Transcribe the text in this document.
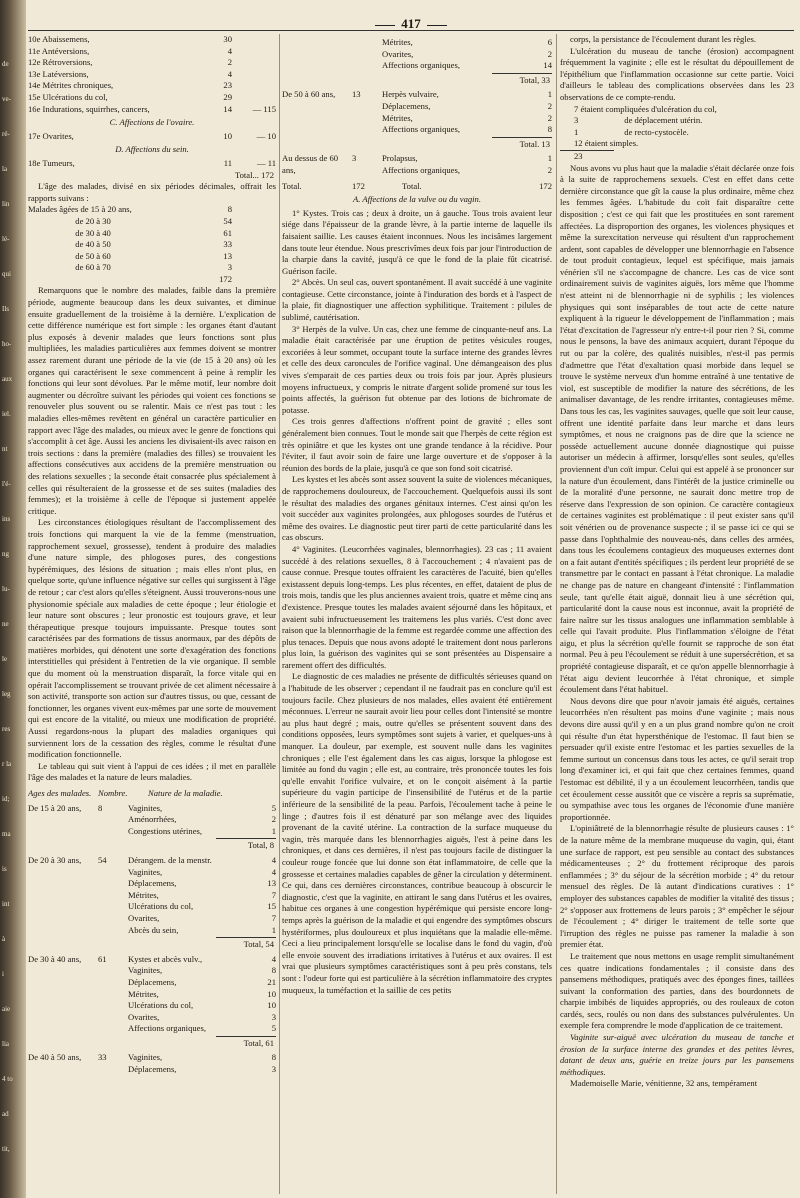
de
ve-
ré-
la
lin
lé-
qui
Ils
ho-
aux
iel.
nt
l'é-
ins
ng
lu-
ne
le
leg
res
r la
id;
ma
is
int
à
i
aie
lia
4 to
ad
tit,
417
10e Abaissemens,	30
11e Antéversions,	4
12e Rétroversions,	2
13e Latéversions,	4
14e Métrites chroniques,	23
15e Ulcérations du col,	29
16e Indurations, squirrhes, cancers,	14	— 115
C. Affections de l'ovaire.
17e Ovarites,	10	— 10
D. Affections du sein.
18e Tumeurs,	11	— 11
Total... 172

L'âge des malades, divisé en six périodes décimales, offrait les rapports suivans :

Malades âgées de 15 à 20 ans,	8
de 20 à 30	54
de 30 à 40	61
de 40 à 50	33
de 50 à 60	13
de 60 à 70	3
172

Remarquons que le nombre des malades, faible dans la première période, augmente beaucoup dans les deux suivantes, et diminue ensuite graduellement de la troisième à la dernière. L'explication de cette différence numérique est fort simple : les organes étant d'autant plus exposés à devenir malades que leurs fonctions sont plus multipliées, les maladies particulières aux femmes doivent se montrer assez rarement durant une période de la vie (de 15 à 20 ans) où les organes qui caractérisent le sexe commencent à peine à remplir les fonctions qui leur sont dévolues. Par le même motif, leur nombre doit augmenter ou décroître suivant les périodes qui voient ces fonctions se renouveler plus souvent ou se ralentir. Mais ce n'est pas tout : les maladies elles-mêmes revêtent en général un caractère particulier en rapport avec l'âge des malades, ou mieux avec le genre de fonctions qui s'accomplit à cet âge. Aussi les anciens les divisaient-ils avec raison en trois sections : dans la première (maladies des filles) se trouvaient les affections consécutives aux accidens de la première menstruation ou des relations sexuelles ; la seconde était consacrée plus spécialement à celles qui résulteraient de la grossesse et de ses suites (maladies des femmes); et la troisième à celle de l'époque si justement appelée critique.

Les circonstances étiologiques résultant de l'accomplissement des trois fonctions qui marquent la vie de la femme (menstruation, rapprochement sexuel, grossesse), tendent à produire des maladies d'une nature simple, des phlogoses pures, des congestions hypérémiques, des lésions de situation ; mais elles n'ont plus, en quelque sorte, qu'une influence négative sur celles qui surgissent à l'âge de retour ; car c'est alors qu'elles s'éteignent. Aussi trouverons-nous une physionomie spéciale aux maladies de cette époque ; leur étiologie et leur nature sont obscures ; leur pronostic est toujours grave, et leur thérapeutique presque toujours impuissante. Presque toutes sont caractérisées par des formations de tissus anormaux, par des dépôts de matières morbides, qui dénotent une sorte d'exagération des fonctions interstitielles qui président à l'entretien de la vie organique. Il semble que du moment où la menstruation disparaît, la force vitale qui en opérait l'accomplissement se trouvant privée de cet aliment nécessaire à son activité, transporte son action sur d'autres tissus, ou que, cessant de fonctionner, les organes vivent eux-mêmes par une sorte de mouvement qui est encore de la vitalité, ou mieux une modification de propriété. Aussi regardons-nous la plupart des maladies organiques qui surviennent lors de la cessation des règles, comme le résultat d'une modification fonctionnelle.

Le tableau qui suit vient à l'appui de ces idées ; il met en parallèle l'âge des malades et la nature de leurs maladies.

Ages des malades. Nombre.	Nature de la maladie.
De 15 à 20 ans,	8	Vaginites,	5
Aménorrhées,	2
Congestions utérines,	1
Total, 8
De 20 à 30 ans,	54	Dérangem. de la menstr.	4
Vaginites,	4
Déplacemens,	13
Métrites,	7
Ulcérations du col,	15
Ovarites,	7
Abcès du sein,	1
Total, 54
De 30 à 40 ans,	61	Kystes et abcès vulv.,	4
Vaginites,	8
Déplacemens,	21
Métrites,	10
Ulcérations du col,	10
Ovarites,	3
Affections organiques,	5
Total, 61
De 40 à 50 ans,	33	Vaginites,	8
Déplacemens,	3
Métrites,	6
Ovarites,	2
Affections organiques,	14
Total, 33
De 50 à 60 ans,	13	Herpès vulvaire,	1
Déplacemens,	2
Métrites,	2
Affections organiques,	8
Total. 13
Au dessus de 60 ans,
3	Prolapsus,	1
Affections organiques,	2
Total.	172	Total.	172
A. Affections de la vulve ou du vagin.

1° Kystes. Trois cas ; deux à droite, un à gauche. Tous trois avaient leur siége dans l'épaisseur de la grande lèvre, à la partie interne de laquelle ils faisaient saillie. Les causes étaient inconnues. Nous les incisâmes largement dans toute leur étendue. Nous prescrivîmes deux fois par jour l'introduction de la charpie dans la cavité, jusqu'à ce que le fond de la plaie fût cicatrisé. Guérison facile.

2° Abcès. Un seul cas, ouvert spontanément. Il avait succédé à une vaginite contagieuse. Cette circonstance, jointe à l'induration des bords et à l'aspect de la plaie, fit diagnostiquer une affection syphilitique. Traitement : pilules de sublimé, cautérisation.

3° Herpès de la vulve. Un cas, chez une femme de cinquante-neuf ans. La maladie était caractérisée par une éruption de petites vésicules rouges, excoriées à leur sommet, occupant toute la surface interne des grandes lèvres et celle des deux caroncules de l'orifice vaginal. Une démangeaison des plus vives s'emparait de ces parties deux ou trois fois par jour. Après plusieurs moyens infructueux, y compris le nitrate d'argent solide promené sur tous les points affectés, la guérison fut obtenue par des lotions de bichromate de potasse.

Ces trois genres d'affections n'offrent point de gravité ; elles sont généralement bien connues. Tout le monde sait que l'herpès de cette région est très opiniâtre et que les kystes ont une grande tendance à la récidive. Pour l'éviter, il faut avoir soin de faire une large ouverture et de s'opposer à la réunion des bords de la plaie, jusqu'à ce que son fond soit cicatrisé.

Les kystes et les abcès sont assez souvent la suite de violences mécaniques, de rapprochemens douloureux, de l'accouchement. Quelquefois aussi ils sont le résultat des maladies des organes génitaux internes. C'est ainsi qu'on les voit succéder aux vaginites prolongées, aux phlogoses sourdes de l'utérus et même des ovaires. Le diagnostic peut tirer parti de cette particularité dans les cas obscurs.

4° Vaginites. (Leucorrhées vaginales, blennorrhagies). 23 cas ; 11 avaient succédé à des relations sexuelles, 8 à l'accouchement ; 4 n'avaient pas de cause connue. Presque toutes offraient les caractères de l'acuité, bien qu'elles existassent depuis long-temps. Les plus récentes, en effet, dataient de plus de trois mois, tandis que les plus anciennes avaient trois, quatre et même cinq ans d'existence. Presque toutes les malades avaient séjourné dans les hôpitaux, et avaient subi infructueusement les traitemens les plus variés. C'est donc avec raison que la blennorrhagie de la femme est regardée comme une affection des plus tenaces. Depuis que nous avons adopté le traitement dont nous parlerons plus loin, la guérison des vaginites qui se sont présentées au Dispensaire a rarement offert des difficultés.

Le diagnostic de ces maladies ne présente de difficultés sérieuses quand on a l'habitude de les observer ; cependant il ne faudrait pas en conclure qu'il est toujours facile. Chez plusieurs de nos malades, elles avaient été entièrement méconnues. L'erreur ne saurait avoir lieu pour celles dont l'intensité se montre au plus haut degré ; mais, outre qu'elles se présentent souvent dans des conditions opposées, leurs symptômes sont sujets à varier, et quelques-uns à manquer. La douleur, par exemple, est souvent nulle dans les vaginites chroniques ; elle l'est également dans les cas aigus, lorsque la phlogose est limitée au fond du vagin ; elle est, au contraire, très prononcée toutes les fois qu'elle envahit l'orifice vulvaire, et on le conçoit aisément à la partie supérieure du vagin participe de l'insensibilité de l'utérus et de la partie inférieure de la sensibilité de la peau. Parfois, l'écoulement tache à peine le linge ; d'autres fois il est dénaturé par son mélange avec des liquides provenant de la cavité utérine. La contraction de la surface muqueuse du vagin, très marquée dans les blennorrhagies aiguës, l'est à peine dans les chroniques, et dans ces dernières, il n'est pas toujours facile de distinguer la couleur rouge foncée que lui donne son état inflammatoire, de celle que la grossesse et certaines maladies capables de gêner la circulation y déterminent. Ce qui, dans ces dernières circonstances, contribue beaucoup à obscurcir le diagnostic, c'est que la vaginite, en attirant le sang dans l'utérus et les ovaires, habitue ces organes à une congestion hypérémique qui persiste encore long-temps après la guérison de la maladie et qui engendre des symptômes obscurs hystériformes, plus douloureux et plus inquiétans que la maladie elle-même. Ceci a lieu principalement lorsqu'elle se localise dans le fond du vagin, d'où elle envoie souvent des irradiations irritatives à l'utérus et aux ovaires. Il est vrai que plusieurs symptômes caractéristiques sont à peu près constans, tels sont : l'odeur forte qui est particulière à la sécrétion inflammatoire des cryptes muqueux, la tuméfaction et la saillie de ces petits

corps, la persistance de l'écoulement durant les règles.

L'ulcération du museau de tanche (érosion) accompagnent fréquemment la vaginite ; elle est le résultat du dépouillement de l'épithélium que l'inflammation occasionne sur cette partie. Voici d'ailleurs le tableau des complications observées dans les 23 observations de ce compte-rendu.

7 étaient compliquées d'ulcération du col,
3	de déplacement utérin.
1	de recto-cystocèle.
12 étaient simples.
23

Nous avons vu plus haut que la maladie s'était déclarée onze fois à la suite de rapprochemens sexuels. C'est en effet dans cette dernière circonstance que gît la cause la plus ordinaire, même chez les femmes âgées. L'habitude du coït fait disparaître cette disposition ; c'est ce qui fait que les prostituées en sont rarement affectées. La disproportion des organes, les violences physiques et même la surexcitation nerveuse qui résultent d'un rapprochement ardent, sont capables de développer une blennorrhagie en l'absence de tout produit contagieux, lequel est spécifique, mais jamais vénérien s'il ne s'accompagne de chancre. Les cas de vice sont ordinairement suivis de vaginites aiguës, lors même que l'homme n'est atteint ni de blennorrhagie ni de syphilis ; les violences physiques qui sont inséparables de tout acte de cette nature expliquent à la rigueur le développement de l'inflammation ; mais l'état d'excitation de l'agresseur n'y entre-t-il pour rien ? Si, comme nous le pensons, la bave des animaux acquiert, durant l'époque du rut ou par la colère, des qualités nuisibles, n'est-il pas permis d'admettre que l'état d'exaltation quasi morbide dans lequel se trouve le système nerveux d'un homme entraîné à une tentative de viol, est susceptible de modifier la nature des sécrétions, de les animaliser davantage, de les rendre irritantes, contagieuses même. Dans tous les cas, les vaginites sauvages, quelle que soit leur cause, offrent une identité parfaite dans leur marche et dans leurs symptômes, et nous ne craignons pas de dire que la science ne possède actuellement aucune donnée diagnostique qui puisse autoriser un médecin à affirmer, lorsqu'elles sont seules, qu'elles proviennent d'un coït impur. Celui qui est appelé à se prononcer sur la nature d'un écoulement, dans l'intérêt de la justice criminelle ou de la moralité d'une personne, ne saurait donc mettre trop de réserve dans l'expression de son opinion. Ce caractère contagieux de certaines vaginites est problématique : il peut exister sans qu'il soit vénérien ou de provenance suspecte ; il se passe ici ce qui se passe dans l'ophthalmie des nouveau-nés, dans celles des armées, dans tous les écoulemens contagieux des muqueuses externes dont on a fait autant d'entités spécifiques ; ils perdent leur propriété de se transmettre par le contact en passant à l'état chronique. La maladie ne change pas de nature en changeant d'intensité : l'inflammation seule, tant qu'elle était aiguë, donnait lieu à une sécrétion qui, particularité dont la cause nous est inconnue, avait la propriété de faire naître sur les tissus analogues une inflammation semblable à celle qui l'avait produite. Plus l'inflammation s'éloigne de l'état aigu, et plus la sécrétion qu'elle fournit se rapproche de son état normal. Peu à peu l'écoulement se réduit à une supersécrétion, et sa propriété contagieuse disparaît, et ce qu'on appelle blennorrhagie à l'état aigu devient leucorrhée à l'état chronique, et simple écoulement dans l'état habituel.

Nous devons dire que pour n'avoir jamais été aiguës, certaines leucorrhées n'en résultent pas moins d'une vaginite ; mais nous devons dire aussi qu'il y en a un plus grand nombre qu'on ne croit qui résulte d'un état hypersthénique de l'estomac. Il faut bien se persuader qu'il existe entre l'estomac et les parties sexuelles de la femme surtout un concensus dans tous les actes, ce qu'il serait trop long d'examiner ici, et qui fait que chez certaines femmes, quand l'estomac est débilité, il y a un écoulement leucorrhéen, tandis que cet écoulement cesse aussitôt que ce viscère a repris sa suprématie, ou sympathise avec tous les organes de l'économie d'une manière proportionnée.

L'opiniâtreté de la blennorrhagie résulte de plusieurs causes : 1° de la nature même de la membrane muqueuse du vagin, qui, étant une surface de rapport, est peu sensible au contact des substances médicamenteuses ; 2° du frottement réciproque des parois enflammées ; 3° du séjour de la sécrétion morbide ; 4° du retour mensuel des règles. De là autant d'indications curatives : 1° employer des substances capables de modifier la vitalité des tissus ; 2° s'opposer aux frottemens de leurs parois ; 3° empêcher le séjour de l'écoulement ; 4° diriger le traitement de telle sorte que l'irruption des règles ne puisse pas ramener la maladie à son premier état.

Le traitement que nous mettons en usage remplit simultanément ces quatre indications fondamentales ; il consiste dans des pansemens méthodiques, pratiqués avec des éponges fines, taillées suivant la conformation des parties, dans des bourdonnets de charpie imbibés de liquides appropriés, ou des rouleaux de coton cardés, secs, roulés ou non dans des substances pulvérulentes. Un exemple fera comprendre le mode d'application de ce traitement.

Vaginite sur-aiguë avec ulcération du museau de tanche et érosion de la surface interne des grandes et des petites lèvres, datant de deux ans, guérie en treize jours par les pansemens méthodiques.

Mademoiselle Marie, vénitienne, 32 ans, tempérament
